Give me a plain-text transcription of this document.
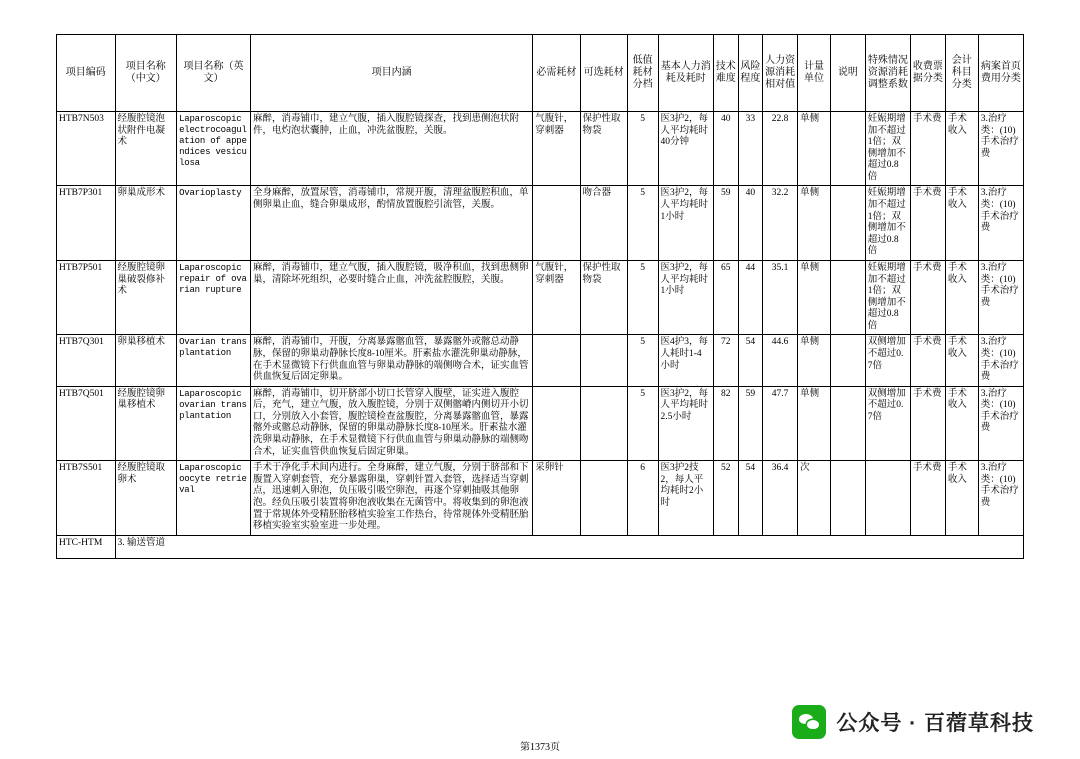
项目编码	项目名称（中文）	项目名称（英文）	项目内涵	必需耗材	可选耗材	低值耗材分档	基本人力消耗及耗时	技术难度	风险程度	人力资源消耗相对值	计量单位	说明	特殊情况资源消耗调整系数	收费票据分类	会计科目分类	病案首页费用分类
HTB7N503	经腹腔镜泡状附件电凝术	Laparoscopic electrocoagulation of appendices vesiculosa	麻醉，消毒铺巾，建立气腹，插入腹腔镜探查，找到患侧泡状附件，电灼泡状囊肿，止血，冲洗盆腹腔，关腹。	气腹针，穿刺器	保护性取物袋	5	医3护2，每人平均耗时40分钟	40	33	22.8	单侧		妊娠期增加不超过1倍；双侧增加不超过0.8倍	手术费	手术收入	3.治疗类：(10) 手术治疗费
HTB7P301	卵巢成形术	Ovarioplasty	全身麻醉，放置尿管，消毒铺巾，常规开腹，清理盆腹腔积血，单侧卵巢止血，缝合卵巢成形，酌情放置腹腔引流管，关腹。		吻合器	5	医3护2，每人平均耗时1小时	59	40	32.2	单侧		妊娠期增加不超过1倍；双侧增加不超过0.8倍	手术费	手术收入	3.治疗类：(10) 手术治疗费
HTB7P501	经腹腔镜卵巢破裂修补术	Laparoscopic repair of ovarian rupture	麻醉，消毒铺巾，建立气腹，插入腹腔镜，吸净积血，找到患侧卵巢，清除坏死组织，必要时缝合止血，冲洗盆腔腹腔，关腹。	气腹针，穿刺器	保护性取物袋	5	医3护2，每人平均耗时1小时	65	44	35.1	单侧		妊娠期增加不超过1倍；双侧增加不超过0.8倍	手术费	手术收入	3.治疗类：(10) 手术治疗费
HTB7Q301	卵巢移植术	Ovarian transplantation	麻醉，消毒铺巾，开腹，分离暴露髂血管，暴露髂外或髂总动静脉，保留的卵巢动静脉长度8-10厘米。肝素盐水灌洗卵巢动静脉，在手术显微镜下行供血血管与卵巢动静脉的端侧吻合术，证实血管供血恢复后固定卵巢。			5	医4护3，每人耗时1-4小时	72	54	44.6	单侧		双侧增加不超过0.7倍	手术费	手术收入	3.治疗类：(10) 手术治疗费
HTB7Q501	经腹腔镜卵巢移植术	Laparoscopic ovarian transplantation	麻醉，消毒铺巾，切开脐部小切口长管穿入腹壁，证实进入腹腔后，充气，建立气腹，放入腹腔镜，分别于双侧髂嵴内侧切开小切口，分别放入小套管，腹腔镜检查盆腹腔，分离暴露髂血管，暴露髂外或髂总动静脉，保留的卵巢动静脉长度8-10厘米。肝素盐水灌洗卵巢动静脉，在手术显微镜下行供血血管与卵巢动静脉的端侧吻合术，证实血管供血恢复后固定卵巢。			5	医3护2，每人平均耗时2.5小时	82	59	47.7	单侧		双侧增加不超过0.7倍	手术费	手术收入	3.治疗类：(10) 手术治疗费
HTB7S501	经腹腔镜取卵术	Laparoscopic oocyte retrieval	手术于净化手术间内进行。全身麻醉，建立气腹，分别于脐部和下腹置入穿刺套管，充分暴露卵巢，穿刺针置入套管，选择适当穿刺点，迅速刺入卵泡，负压吸引吸空卵泡，再逐个穿刺抽吸其他卵泡。经负压吸引装置将卵泡液收集在无菌管中。将收集到的卵泡液置于常规体外受精胚胎移植实验室工作热台，待常规体外受精胚胎移植实验室实验室进一步处理。	采卵针		6	医3护2技2，每人平均耗时2小时	52	54	36.4	次			手术费	手术收入	3.治疗类：(10) 手术治疗费
HTC-HTM	3. 输送管道															
第1373页
公众号 · 百蓿草科技
